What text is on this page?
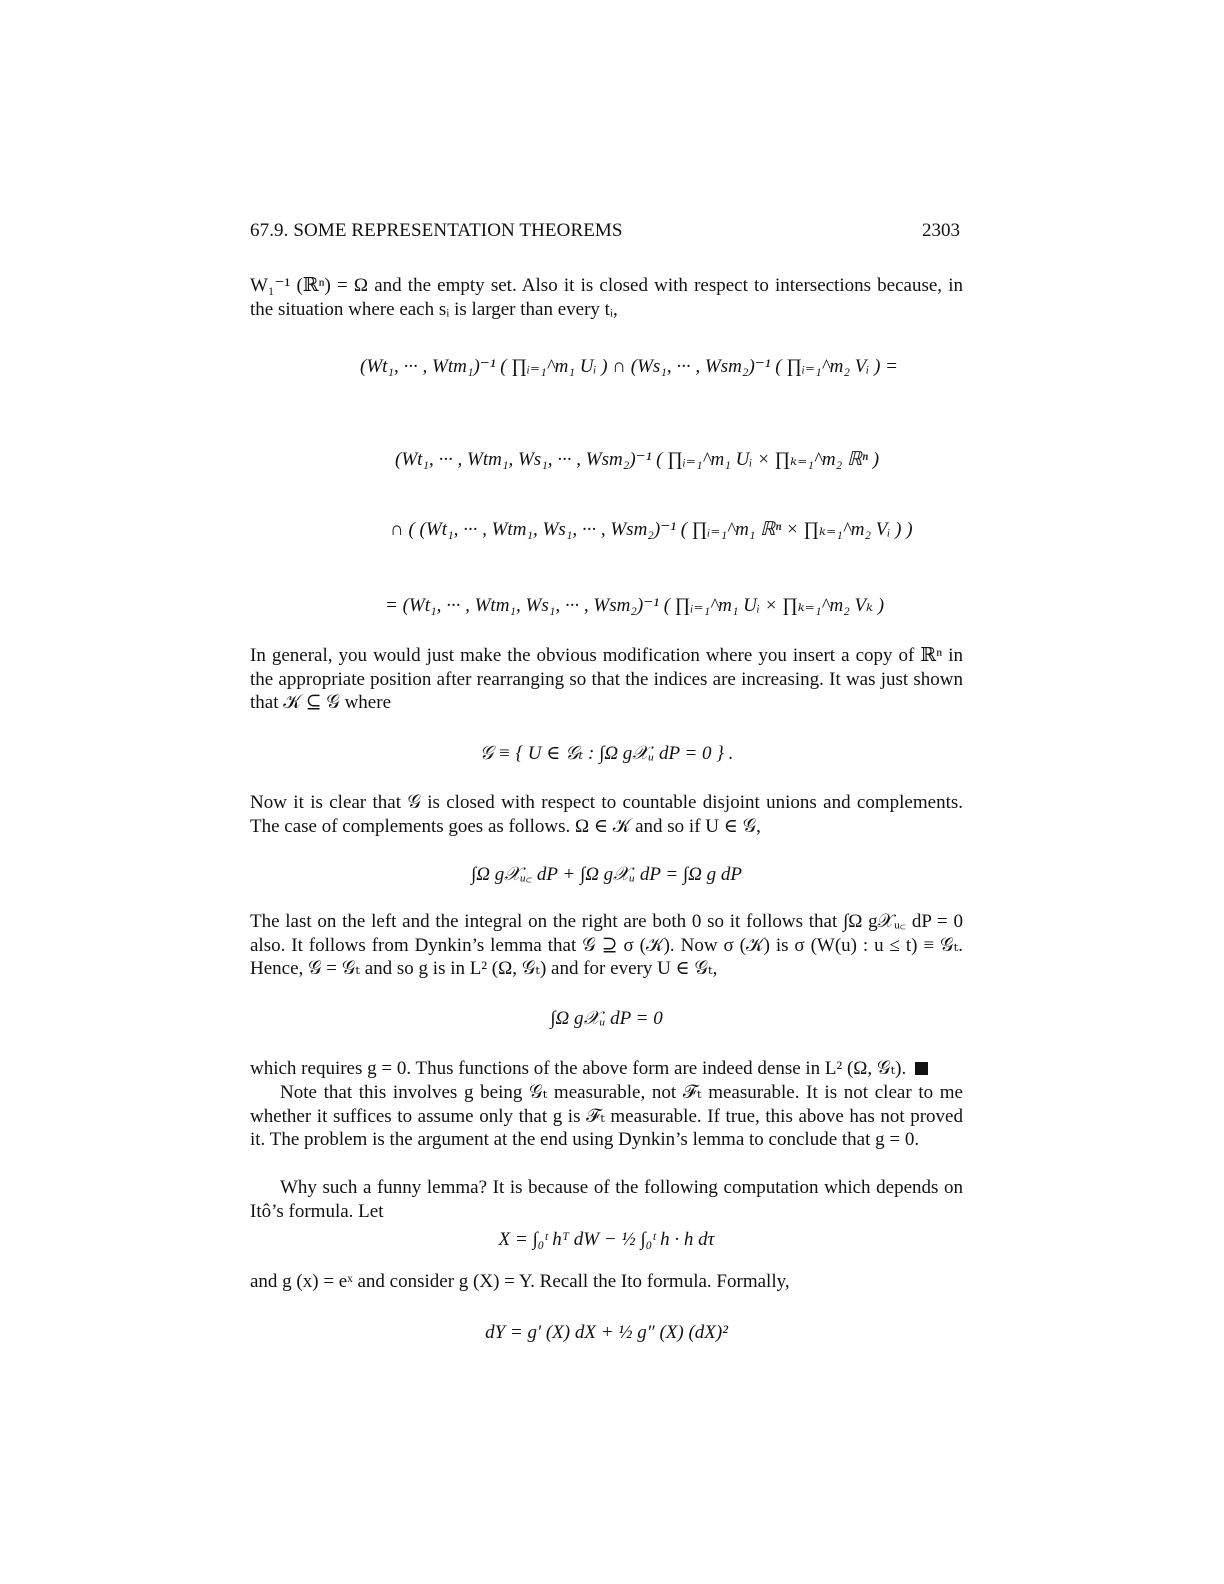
67.9. SOME REPRESENTATION THEOREMS	2303

W₁⁻¹ (ℝⁿ) = Ω and the empty set. Also it is closed with respect to intersections because, in the situation where each sᵢ is larger than every tᵢ,

(Wt₁, ··· , Wtm₁)⁻¹ ( ∏ᵢ₌₁^m₁ Uᵢ ) ∩ (Ws₁, ··· , Wsm₂)⁻¹ ( ∏ᵢ₌₁^m₂ Vᵢ ) =
(Wt₁, ··· , Wtm₁, Ws₁, ··· , Wsm₂)⁻¹ ( ∏ᵢ₌₁^m₁ Uᵢ × ∏ₖ₌₁^m₂ ℝⁿ )
∩ ( (Wt₁, ··· , Wtm₁, Ws₁, ··· , Wsm₂)⁻¹ ( ∏ᵢ₌₁^m₁ ℝⁿ × ∏ₖ₌₁^m₂ Vᵢ ) )
= (Wt₁, ··· , Wtm₁, Ws₁, ··· , Wsm₂)⁻¹ ( ∏ᵢ₌₁^m₁ Uᵢ × ∏ₖ₌₁^m₂ Vₖ )

In general, you would just make the obvious modification where you insert a copy of ℝⁿ in the appropriate position after rearranging so that the indices are increasing. It was just shown that 𝒦 ⊆ 𝒢 where

𝒢 ≡ { U ∈ 𝒢ₜ : ∫Ω g𝒳ᵤ dP = 0 } .

Now it is clear that 𝒢 is closed with respect to countable disjoint unions and complements. The case of complements goes as follows. Ω ∈ 𝒦 and so if U ∈ 𝒢,

∫Ω g𝒳ᵤ꜀ dP + ∫Ω g𝒳ᵤ dP = ∫Ω g dP

The last on the left and the integral on the right are both 0 so it follows that ∫Ω g𝒳ᵤ꜀ dP = 0 also. It follows from Dynkin’s lemma that 𝒢 ⊇ σ (𝒦). Now σ (𝒦) is σ (W(u) : u ≤ t) ≡ 𝒢ₜ. Hence, 𝒢 = 𝒢ₜ and so g is in L² (Ω, 𝒢ₜ) and for every U ∈ 𝒢ₜ,

∫Ω g𝒳ᵤ dP = 0

which requires g = 0. Thus functions of the above form are indeed dense in L² (Ω, 𝒢ₜ).

Note that this involves g being 𝒢ₜ measurable, not ℱₜ measurable. It is not clear to me whether it suffices to assume only that g is ℱₜ measurable. If true, this above has not proved it. The problem is the argument at the end using Dynkin’s lemma to conclude that g = 0.

Why such a funny lemma? It is because of the following computation which depends on Itô’s formula. Let

X = ∫₀ᵗ hᵀ dW − ½ ∫₀ᵗ h · h dτ

and g (x) = eˣ and consider g (X) = Y. Recall the Ito formula. Formally,

dY = g′ (X) dX + ½ g″ (X) (dX)²
